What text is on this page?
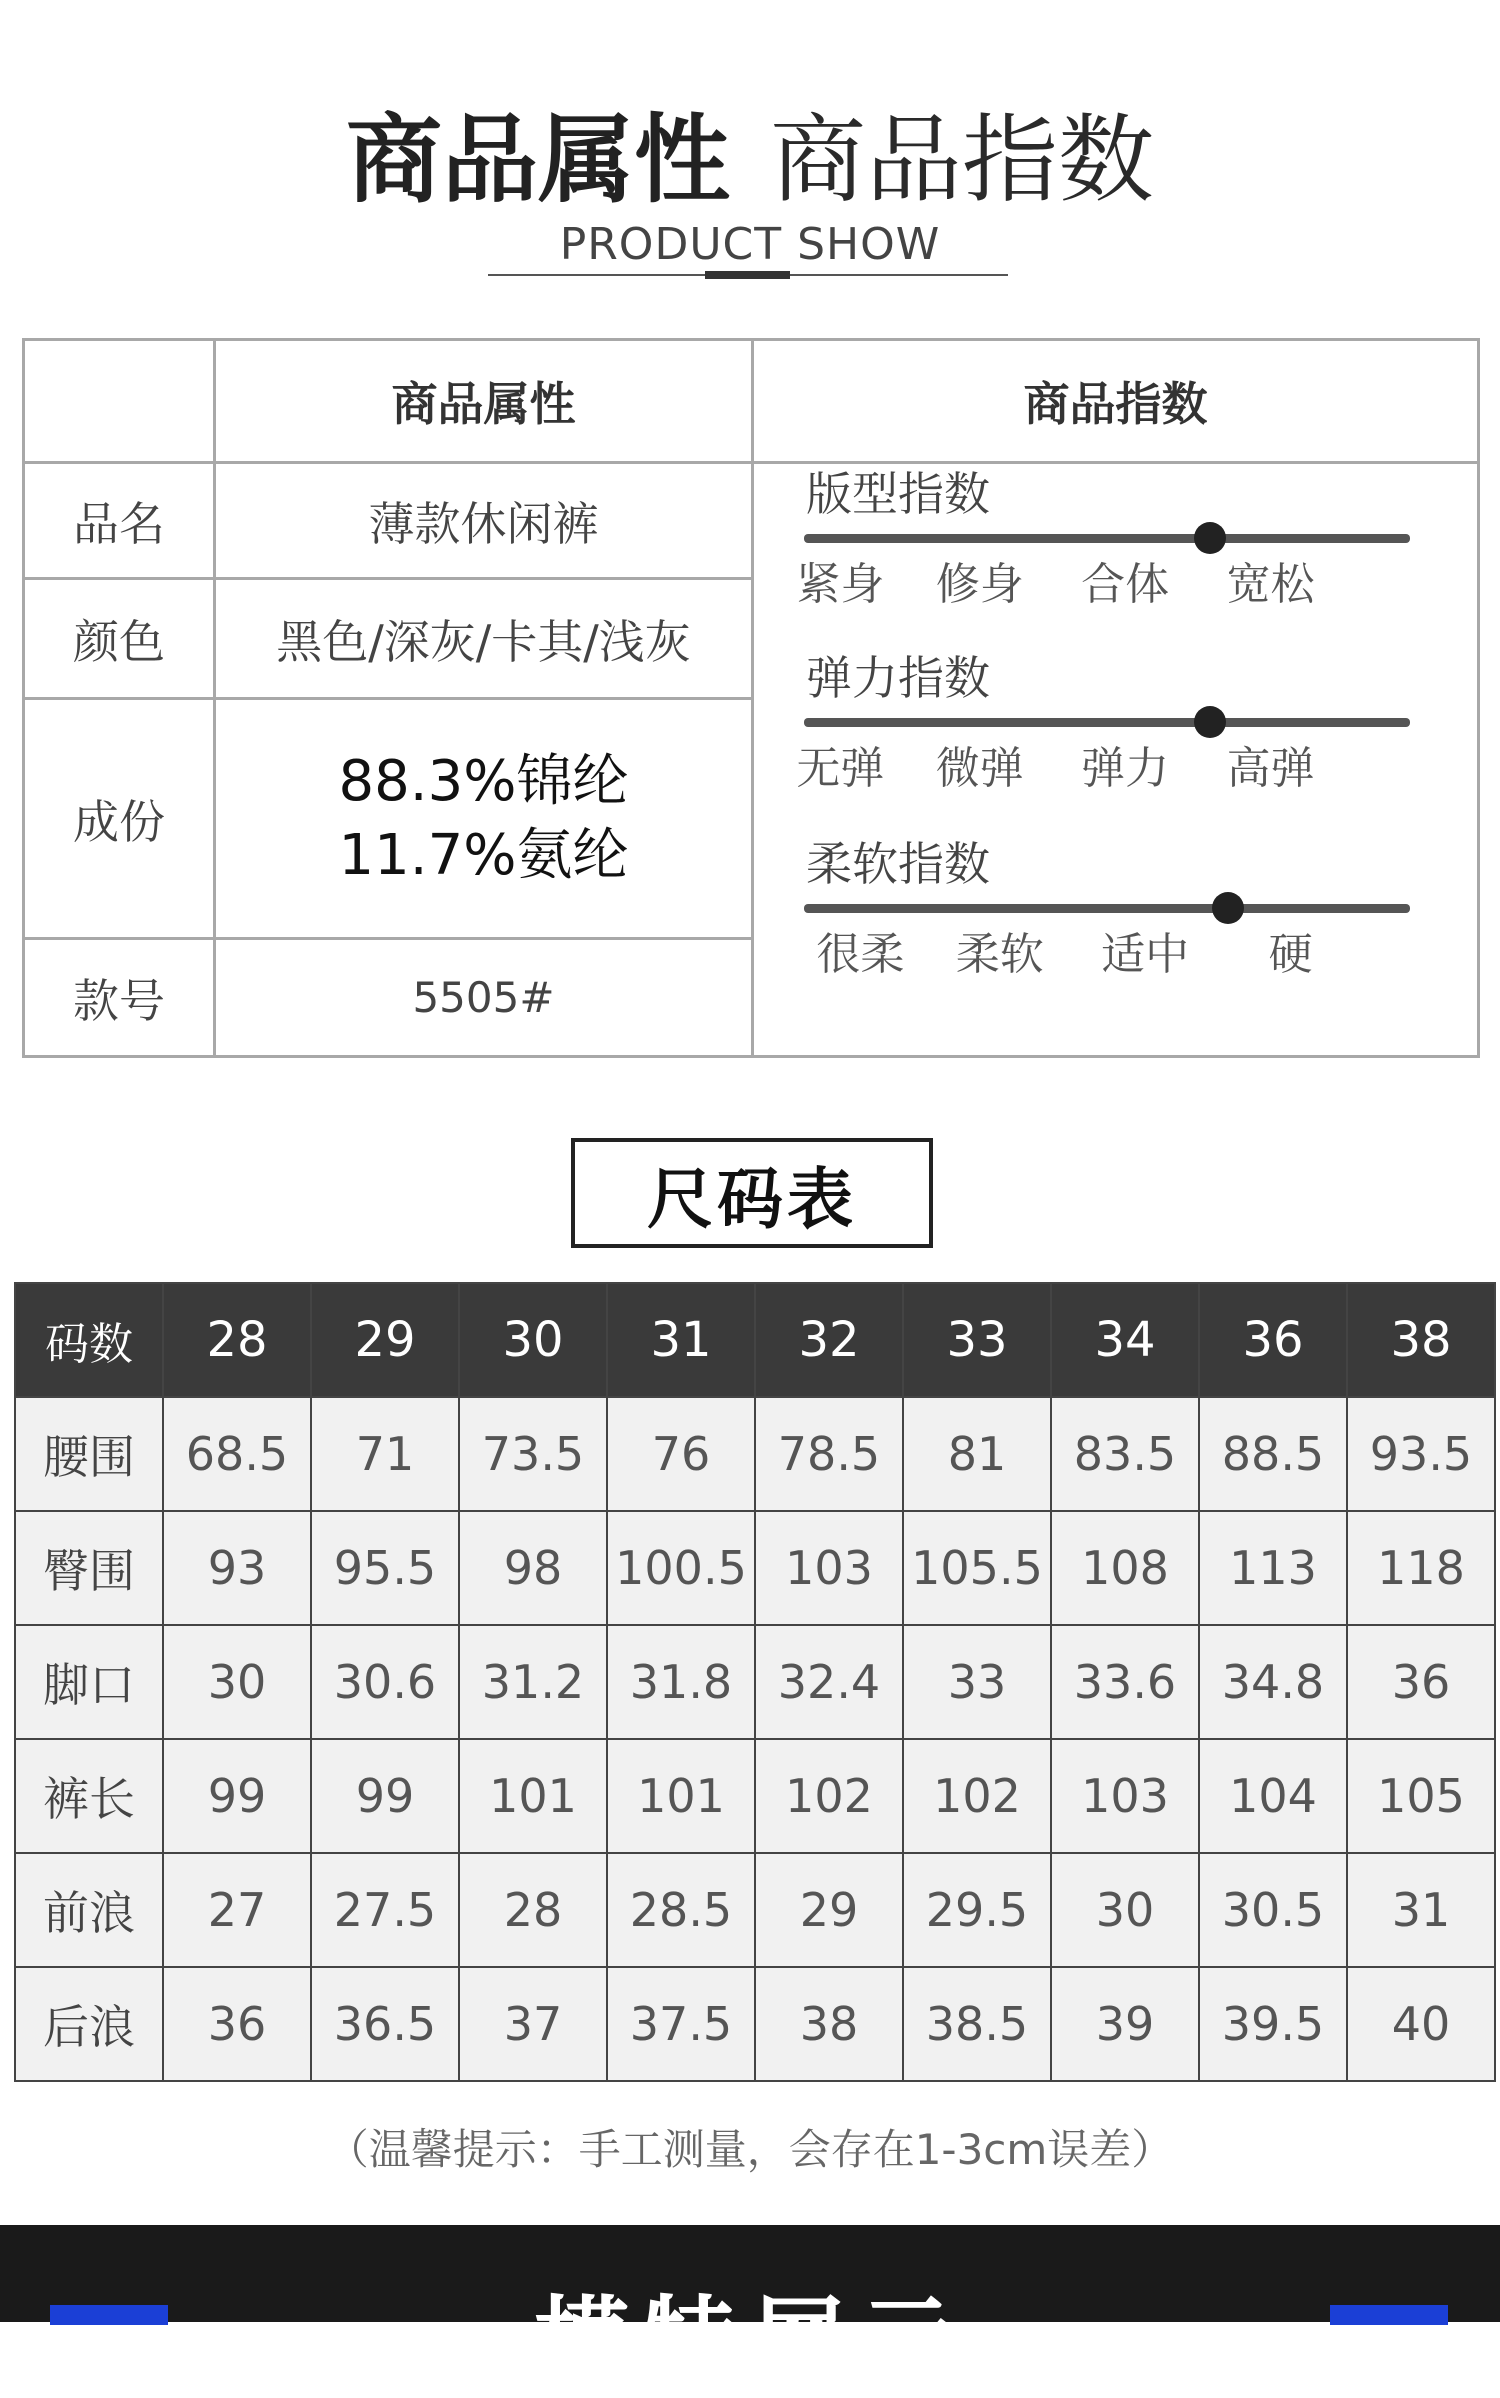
商品属性 商品指数
PRODUCT SHOW
商品属性	商品指数
品名	薄款休闲裤
颜色	黑色/深灰/卡其/浅灰
成份
88.3%锦纶
11.7%氨纶
款号	5505#
版型指数
紧身 修身 合体 宽松
弹力指数
无弹 微弹 弹力 高弹
柔软指数
很柔 柔软 适中 硬
尺码表
码数	28	29	30	31	32	33	34	36	38
腰围	68.5	71	73.5	76	78.5	81	83.5	88.5	93.5
臀围	93	95.5	98	100.5	103	105.5	108	113	118
脚口	30	30.6	31.2	31.8	32.4	33	33.6	34.8	36
裤长	99	99	101	101	102	102	103	104	105
前浪	27	27.5	28	28.5	29	29.5	30	30.5	31
后浪	36	36.5	37	37.5	38	38.5	39	39.5	40
（温馨提示：手工测量，会存在1-3cm误差）
模特展示
